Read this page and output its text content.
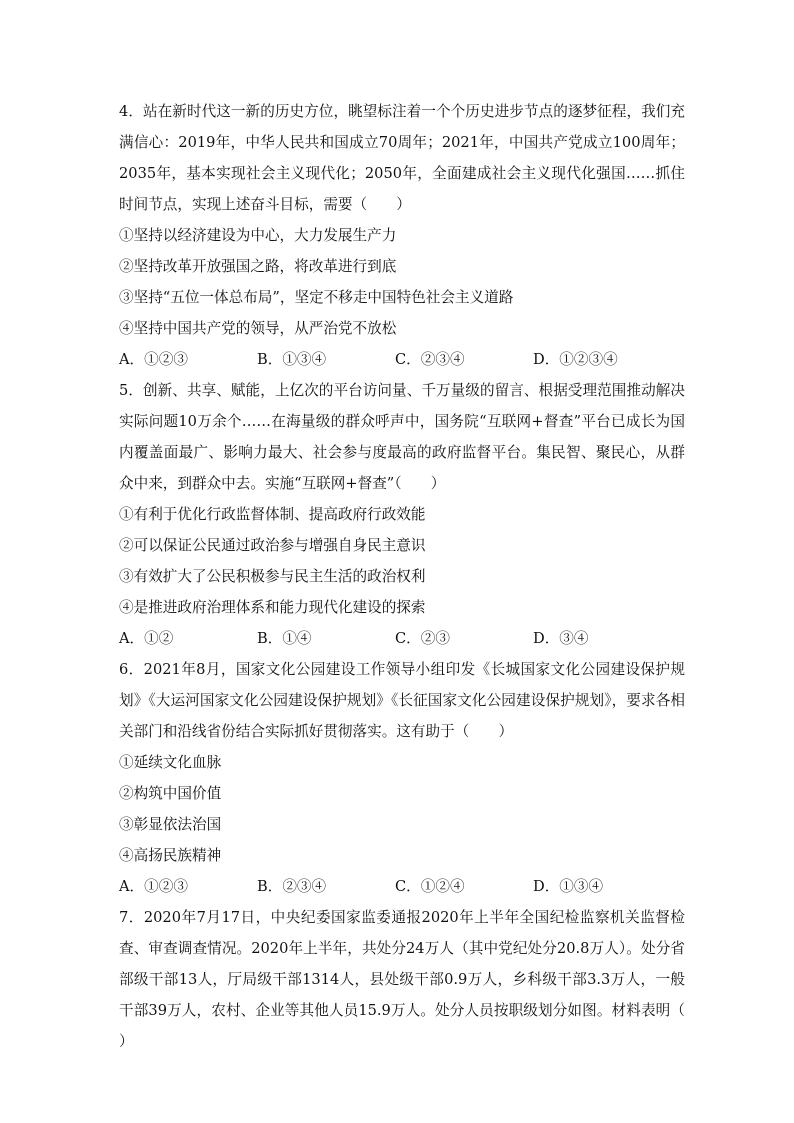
4．站在新时代这一新的历史方位，眺望标注着一个个历史进步节点的逐梦征程，我们充满信心：2019年，中华人民共和国成立70周年；2021年，中国共产党成立100周年；2035年，基本实现社会主义现代化；2050年，全面建成社会主义现代化强国……抓住时间节点，实现上述奋斗目标，需要（　　）

①坚持以经济建设为中心，大力发展生产力

②坚持改革开放强国之路，将改革进行到底

③坚持“五位一体总布局”，坚定不移走中国特色社会主义道路

④坚持中国共产党的领导，从严治党不放松

A．①②③	B．①③④	C．②③④	D．①②③④

5．创新、共享、赋能，上亿次的平台访问量、千万量级的留言、根据受理范围推动解决实际问题10万余个……在海量级的群众呼声中，国务院“互联网+督查”平台已成长为国内覆盖面最广、影响力最大、社会参与度最高的政府监督平台。集民智、聚民心，从群众中来，到群众中去。实施“互联网+督查”（　　）

①有利于优化行政监督体制、提高政府行政效能

②可以保证公民通过政治参与增强自身民主意识

③有效扩大了公民积极参与民主生活的政治权利

④是推进政府治理体系和能力现代化建设的探索

A．①②	B．①④	C．②③	D．③④

6．2021年8月，国家文化公园建设工作领导小组印发《长城国家文化公园建设保护规划》《大运河国家文化公园建设保护规划》《长征国家文化公园建设保护规划》，要求各相关部门和沿线省份结合实际抓好贯彻落实。这有助于（　　）

①延续文化血脉

②构筑中国价值

③彰显依法治国

④高扬民族精神

A．①②③	B．②③④	C．①②④	D．①③④

7．2020年7月17日，中央纪委国家监委通报2020年上半年全国纪检监察机关监督检查、审查调查情况。2020年上半年，共处分24万人（其中党纪处分20.8万人）。处分省部级干部13人，厅局级干部1314人，县处级干部0.9万人，乡科级干部3.3万人，一般干部39万人，农村、企业等其他人员15.9万人。处分人员按职级划分如图。材料表明（　　）
